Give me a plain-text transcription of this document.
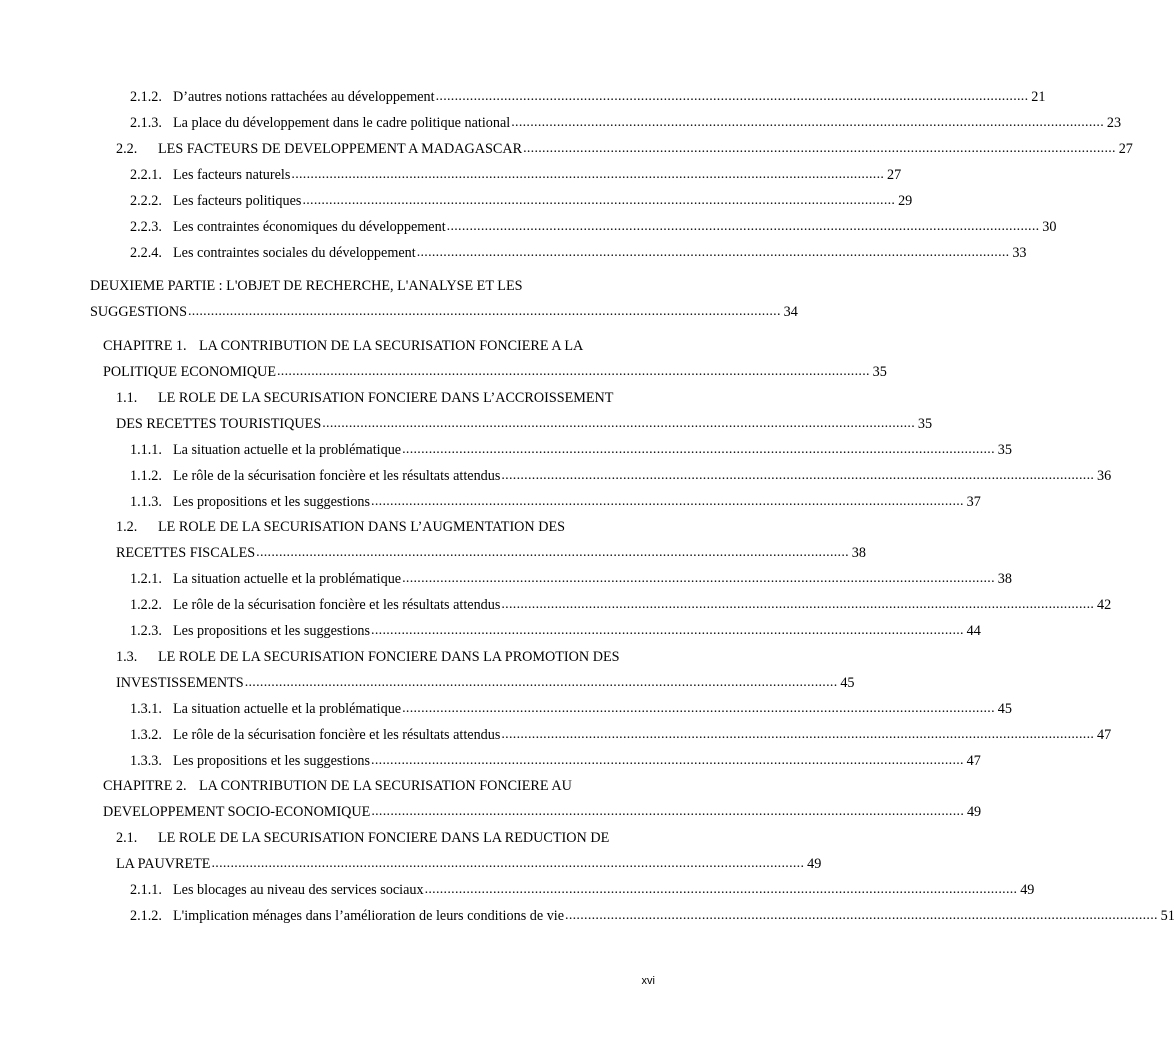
2.1.2. D’autres notions rattachées au développement ............................................................................................................................................................ 21
2.1.3. La place du développement dans le cadre politique national ............................................................................................................................................................ 23
2.2. LES FACTEURS DE DEVELOPPEMENT A MADAGASCAR ............................................................................................................................................................ 27
2.2.1. Les facteurs naturels ............................................................................................................................................................ 27
2.2.2. Les facteurs politiques ............................................................................................................................................................ 29
2.2.3. Les contraintes économiques du développement ............................................................................................................................................................ 30
2.2.4. Les contraintes sociales du développement ............................................................................................................................................................ 33
DEUXIEME PARTIE : L'OBJET DE RECHERCHE, L'ANALYSE ET LES
SUGGESTIONS ............................................................................................................................................................ 34
CHAPITRE 1. LA CONTRIBUTION DE LA SECURISATION FONCIERE A LA
POLITIQUE ECONOMIQUE ............................................................................................................................................................ 35
1.1. LE ROLE DE LA SECURISATION FONCIERE DANS L’ACCROISSEMENT
DES RECETTES TOURISTIQUES ............................................................................................................................................................ 35
1.1.1. La situation actuelle et la problématique ............................................................................................................................................................ 35
1.1.2. Le rôle de la sécurisation foncière et les résultats attendus ............................................................................................................................................................ 36
1.1.3. Les propositions et les suggestions ............................................................................................................................................................ 37
1.2. LE ROLE DE LA SECURISATION DANS L’AUGMENTATION DES
RECETTES FISCALES ............................................................................................................................................................ 38
1.2.1. La situation actuelle et la problématique ............................................................................................................................................................ 38
1.2.2. Le rôle de la sécurisation foncière et les résultats attendus ............................................................................................................................................................ 42
1.2.3. Les propositions et les suggestions ............................................................................................................................................................ 44
1.3. LE ROLE DE LA SECURISATION FONCIERE DANS LA PROMOTION DES
INVESTISSEMENTS ............................................................................................................................................................ 45
1.3.1. La situation actuelle et la problématique ............................................................................................................................................................ 45
1.3.2. Le rôle de la sécurisation foncière et les résultats attendus ............................................................................................................................................................ 47
1.3.3. Les propositions et les suggestions ............................................................................................................................................................ 47
CHAPITRE 2. LA CONTRIBUTION DE LA SECURISATION FONCIERE AU
DEVELOPPEMENT SOCIO-ECONOMIQUE ............................................................................................................................................................ 49
2.1. LE ROLE DE LA SECURISATION FONCIERE DANS LA REDUCTION DE
LA PAUVRETE ............................................................................................................................................................ 49
2.1.1. Les blocages au niveau des services sociaux ............................................................................................................................................................ 49
2.1.2. L'implication ménages dans l’amélioration de leurs conditions de vie ............................................................................................................................................................ 51
xvi
